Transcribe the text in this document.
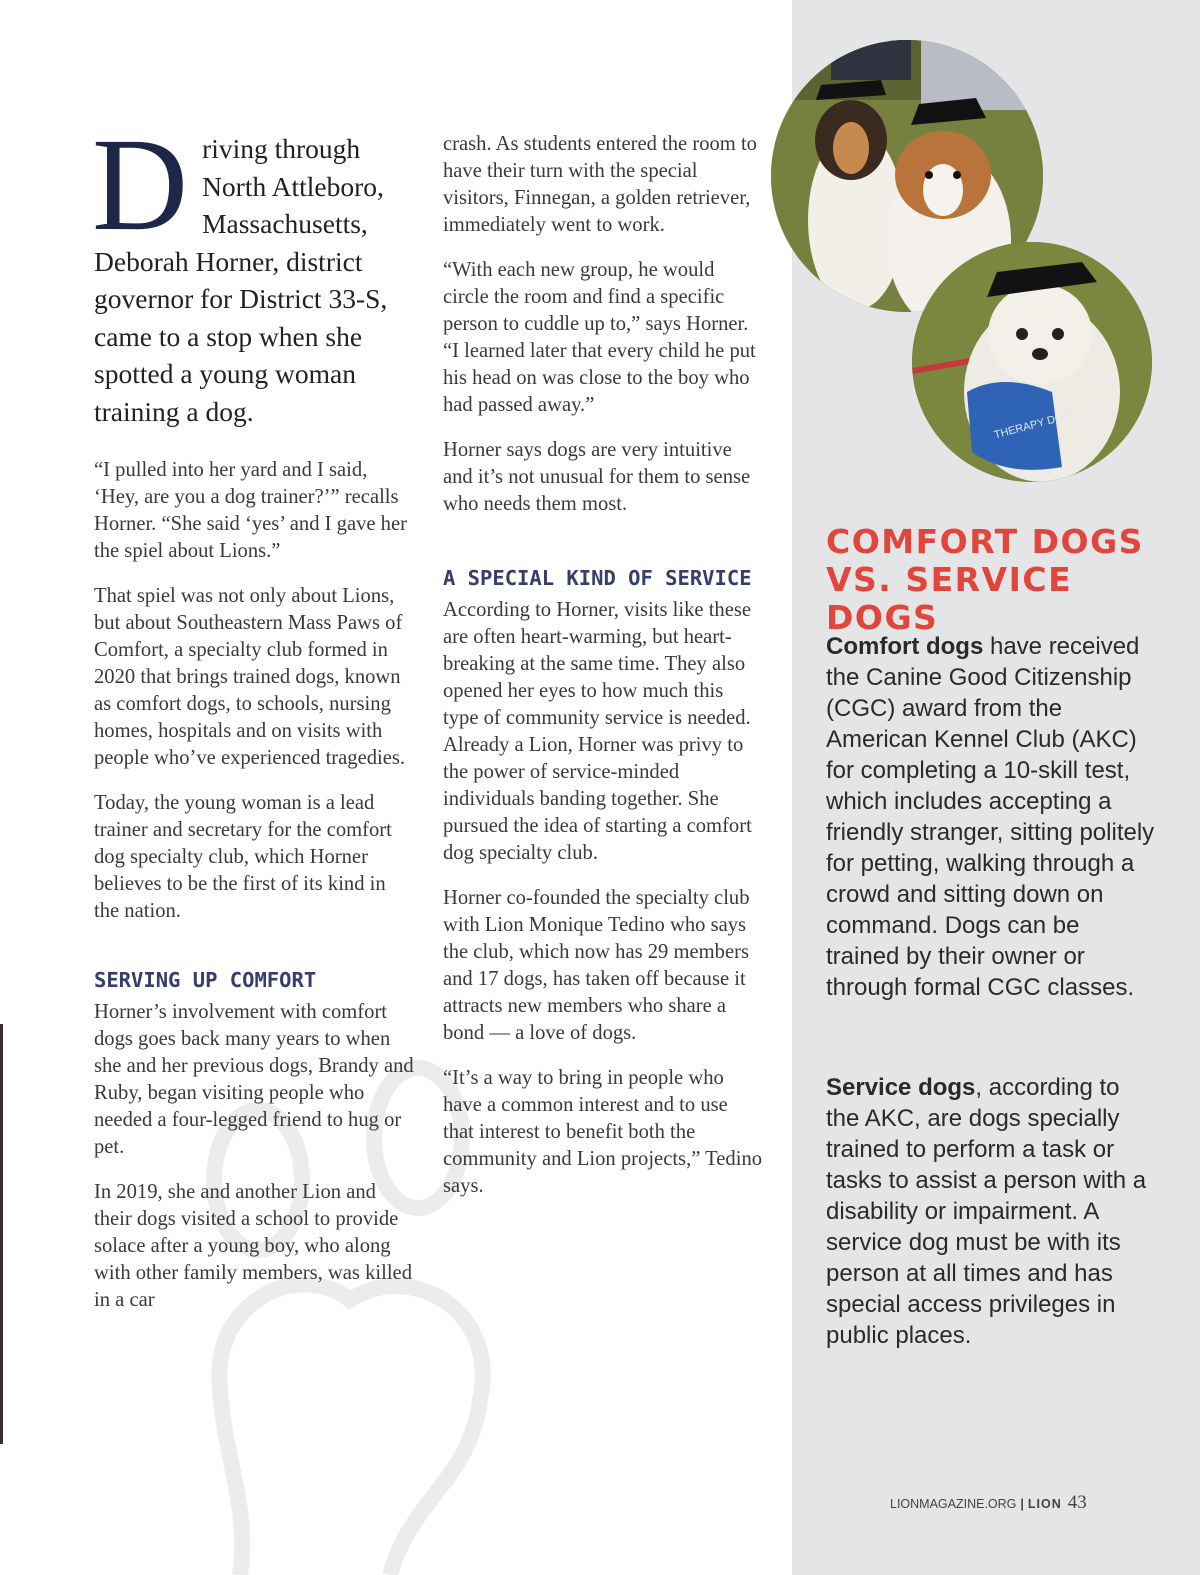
Driving through North Attleboro, Massachusetts, Deborah Horner, district governor for District 33-S, came to a stop when she spotted a young woman training a dog.

“I pulled into her yard and I said, ‘Hey, are you a dog trainer?’” recalls Horner. “She said ‘yes’ and I gave her the spiel about Lions.”

That spiel was not only about Lions, but about Southeastern Mass Paws of Comfort, a specialty club formed in 2020 that brings trained dogs, known as comfort dogs, to schools, nursing homes, hospitals and on visits with people who’ve experienced tragedies.

Today, the young woman is a lead trainer and secretary for the comfort dog specialty club, which Horner believes to be the first of its kind in the nation.

SERVING UP COMFORT

Horner’s involvement with comfort dogs goes back many years to when she and her previous dogs, Brandy and Ruby, began visiting people who needed a four-legged friend to hug or pet.

In 2019, she and another Lion and their dogs visited a school to provide solace after a young boy, who along with other family members, was killed in a car

crash. As students entered the room to have their turn with the special visitors, Finnegan, a golden retriever, immediately went to work.

“With each new group, he would circle the room and find a specific person to cuddle up to,” says Horner. “I learned later that every child he put his head on was close to the boy who had passed away.”

Horner says dogs are very intuitive and it’s not unusual for them to sense who needs them most.

A SPECIAL KIND OF SERVICE

According to Horner, visits like these are often heart-warming, but heart-breaking at the same time. They also opened her eyes to how much this type of community service is needed. Already a Lion, Horner was privy to the power of service-minded individuals banding together. She pursued the idea of starting a comfort dog specialty club.

Horner co-founded the specialty club with Lion Monique Tedino who says the club, which now has 29 members and 17 dogs, has taken off because it attracts new members who share a bond — a love of dogs.

“It’s a way to bring in people who have a common interest and to use that interest to benefit both the community and Lion projects,” Tedino says.

THERAPY DOG
COMFORT DOGS
VS. SERVICE DOGS
Comfort dogs have received the Canine Good Citizenship (CGC) award from the American Kennel Club (AKC) for completing a 10-skill test, which includes accepting a friendly stranger, sitting politely for petting, walking through a crowd and sitting down on command. Dogs can be trained by their owner or through formal CGC classes.
Service dogs, according to the AKC, are dogs specially trained to perform a task or tasks to assist a person with a disability or impairment. A service dog must be with its person at all times and has special access privileges in public places.
LIONMAGAZINE.ORG | LION 43
